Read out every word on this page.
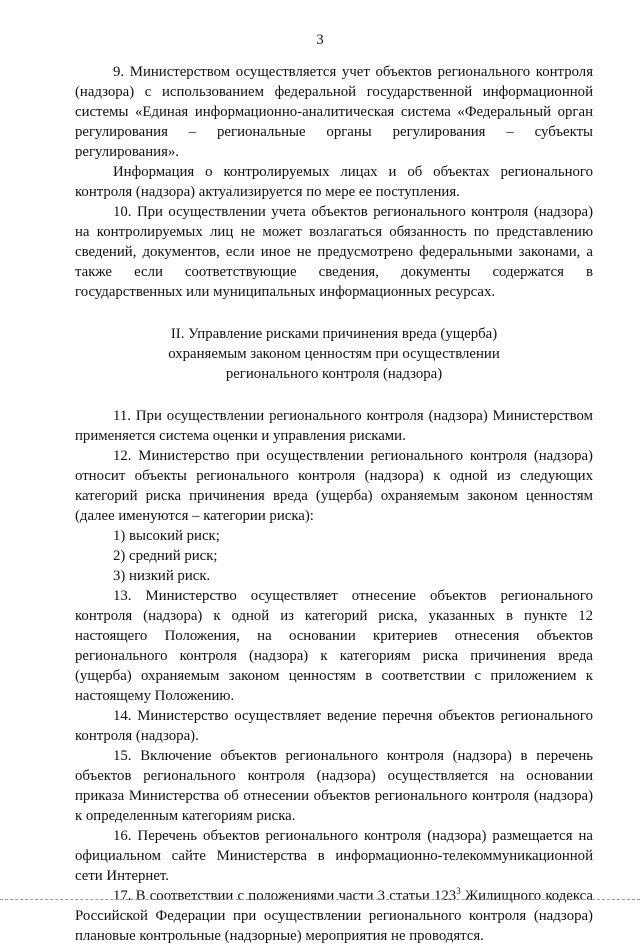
3

9. Министерством осуществляется учет объектов регионального контроля (надзора) с использованием федеральной государственной информационной системы «Единая информационно-аналитическая система «Федеральный орган регулирования – региональные органы регулирования – субъекты регулирования».

Информация о контролируемых лицах и об объектах регионального контроля (надзора) актуализируется по мере ее поступления.

10. При осуществлении учета объектов регионального контроля (надзора) на контролируемых лиц не может возлагаться обязанность по представлению сведений, документов, если иное не предусмотрено федеральными законами, а также если соответствующие сведения, документы содержатся в государственных или муниципальных информационных ресурсах.

II. Управление рисками причинения вреда (ущерба)
охраняемым законом ценностям при осуществлении
регионального контроля (надзора)

11. При осуществлении регионального контроля (надзора) Министерством применяется система оценки и управления рисками.

12. Министерство при осуществлении регионального контроля (надзора) относит объекты регионального контроля (надзора) к одной из следующих категорий риска причинения вреда (ущерба) охраняемым законом ценностям (далее именуются – категории риска):

1) высокий риск;
2) средний риск;
3) низкий риск.

13. Министерство осуществляет отнесение объектов регионального контроля (надзора) к одной из категорий риска, указанных в пункте 12 настоящего Положения, на основании критериев отнесения объектов регионального контроля (надзора) к категориям риска причинения вреда (ущерба) охраняемым законом ценностям в соответствии с приложением к настоящему Положению.

14. Министерство осуществляет ведение перечня объектов регионального контроля (надзора).

15. Включение объектов регионального контроля (надзора) в перечень объектов регионального контроля (надзора) осуществляется на основании приказа Министерства об отнесении объектов регионального контроля (надзора) к определенным категориям риска.

16. Перечень объектов регионального контроля (надзора) размещается на официальном сайте Министерства в информационно-телекоммуникационной сети Интернет.

17. В соответствии с положениями части 3 статьи $123^3$ Жилищного кодекса Российской Федерации при осуществлении регионального контроля (надзора) плановые контрольные (надзорные) мероприятия не проводятся.
